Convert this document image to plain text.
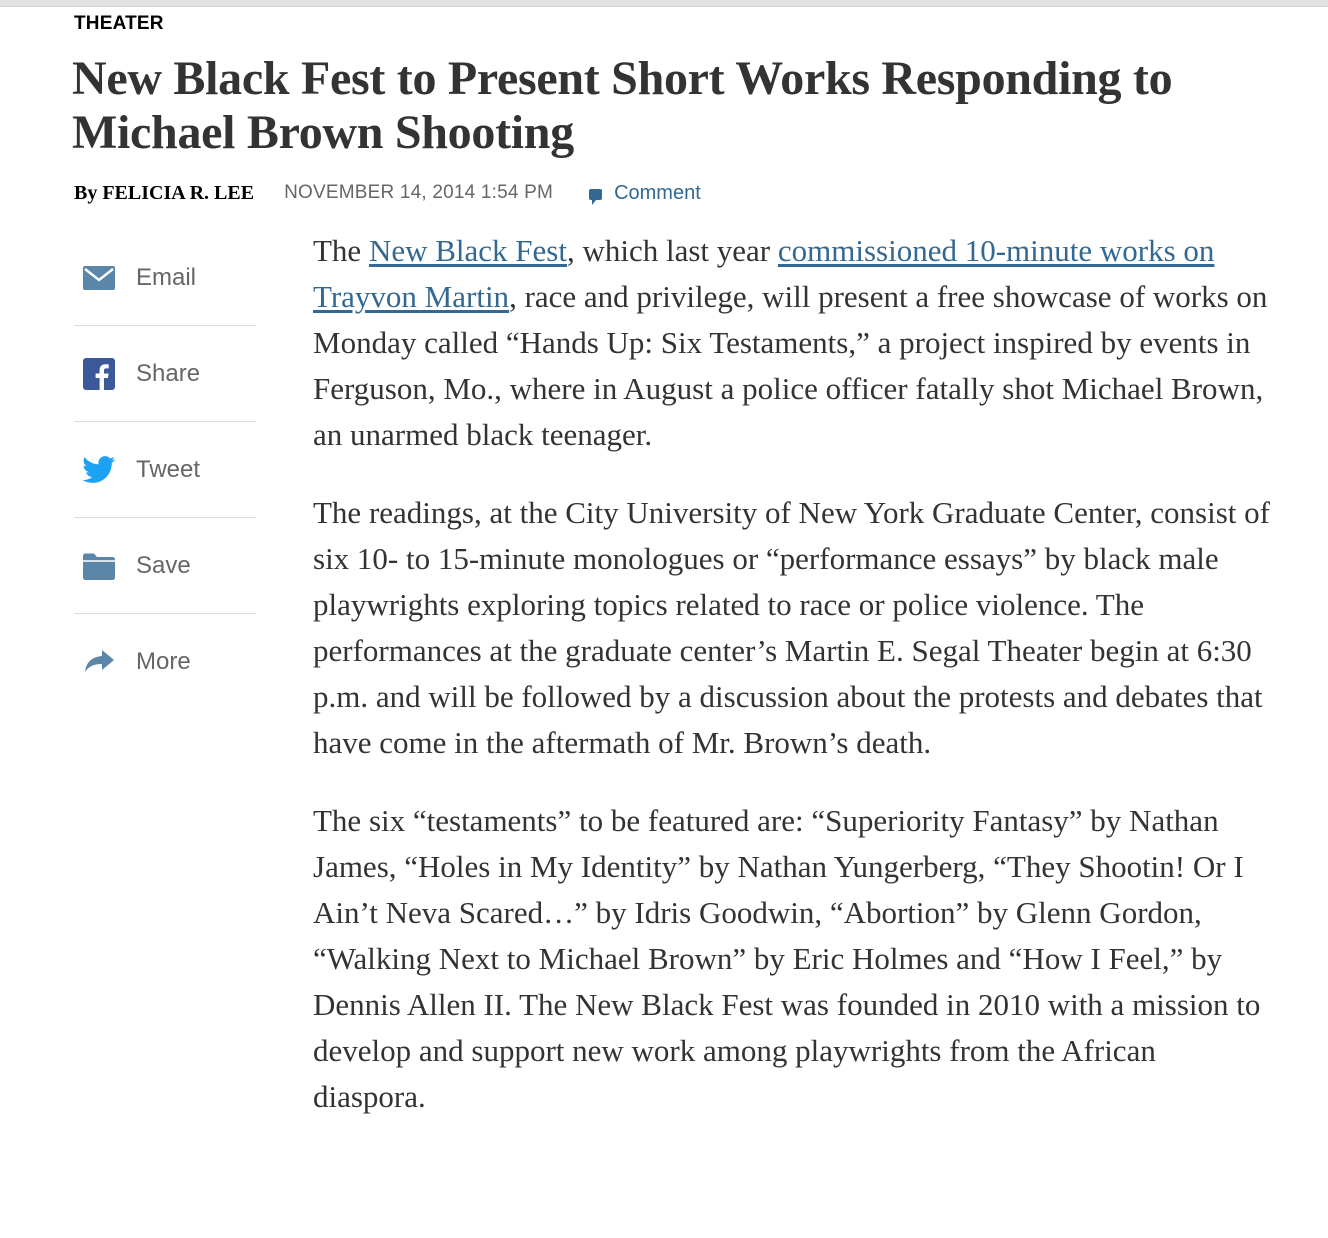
THEATER
New Black Fest to Present Short Works Responding to Michael Brown Shooting
By FELICIA R. LEE NOVEMBER 14, 2014 1:54 PM	Comment
Email
Share
Tweet
Save
More

The New Black Fest, which last year commissioned 10-minute works on Trayvon Martin, race and privilege, will present a free showcase of works on Monday called “Hands Up: Six Testaments,” a project inspired by events in Ferguson, Mo., where in August a police officer fatally shot Michael Brown, an unarmed black teenager.

The readings, at the City University of New York Graduate Center, consist of six 10- to 15-minute monologues or “performance essays” by black male playwrights exploring topics related to race or police violence. The performances at the graduate center’s Martin E. Segal Theater begin at 6:30 p.m. and will be followed by a discussion about the protests and debates that have come in the aftermath of Mr. Brown’s death.

The six “testaments” to be featured are: “Superiority Fantasy” by Nathan James, “Holes in My Identity” by Nathan Yungerberg, “They Shootin! Or I Ain’t Neva Scared…” by Idris Goodwin, “Abortion” by Glenn Gordon, “Walking Next to Michael Brown” by Eric Holmes and “How I Feel,” by Dennis Allen II. The New Black Fest was founded in 2010 with a mission to develop and support new work among playwrights from the African diaspora.
